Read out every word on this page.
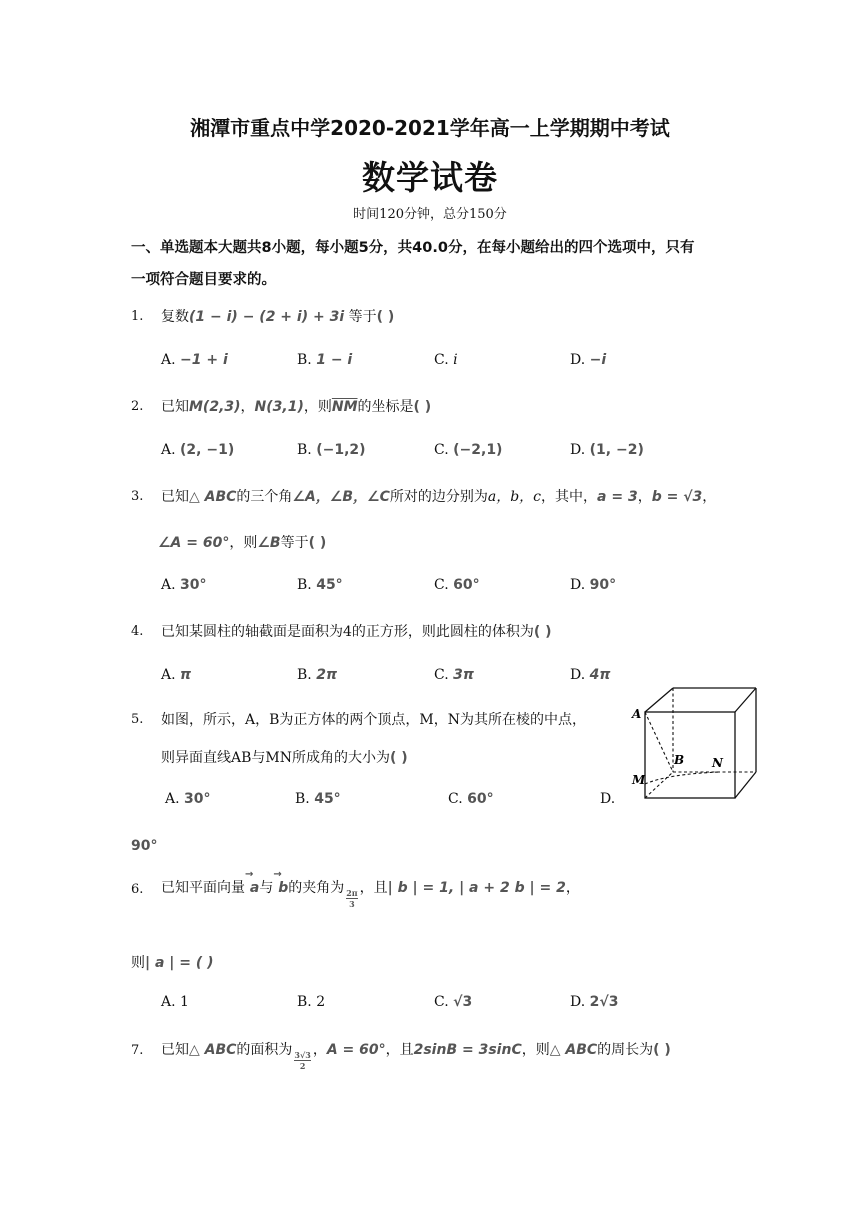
湘潭市重点中学2020-2021学年高一上学期期中考试
数学试卷
时间120分钟，总分150分
一、单选题本大题共8小题，每小题5分，共40.0分，在每小题给出的四个选项中，只有
一项符合题目要求的。
1. 复数(1 − i) − (2 + i) + 3i 等于( )
A. −1 + i	B. 1 − i	C. i	D. −i
2. 已知M(2,3)，N(3,1)，则$\overline{NM}$的坐标是( )
A. (2, −1)	B. (−1,2)	C. (−2,1)	D. (1, −2)
3. 已知△ ABC的三个角∠A，∠B，∠C所对的边分别为a，b，c，其中，a = 3，b = √3，
∠A = 60°，则∠B等于( )
A. 30°	B. 45°	C. 60°	D. 90°
4. 已知某圆柱的轴截面是面积为4的正方形，则此圆柱的体积为( )
A. π	B. 2π	C. 3π	D. 4π
5. 如图，所示，A，B为正方体的两个顶点，M，N为其所在棱的中点，
则异面直线AB与MN所成角的大小为( )
A
B
M
N
A. 30°	B. 45°	C. 60°	D.
90°
6. 已知平面向量
→
a与
→
b的夹角为 $\frac{2\pi}{3}$ ，且| b | = 1, | a + 2 b | = 2，
则| a | = ( )
A. 1	B. 2	C. √3	D. 2√3
7. 已知△ ABC的面积为 $\frac{3√3}{2}$ ，A = 60°，且2sinB = 3sinC，则△ ABC的周长为( )
